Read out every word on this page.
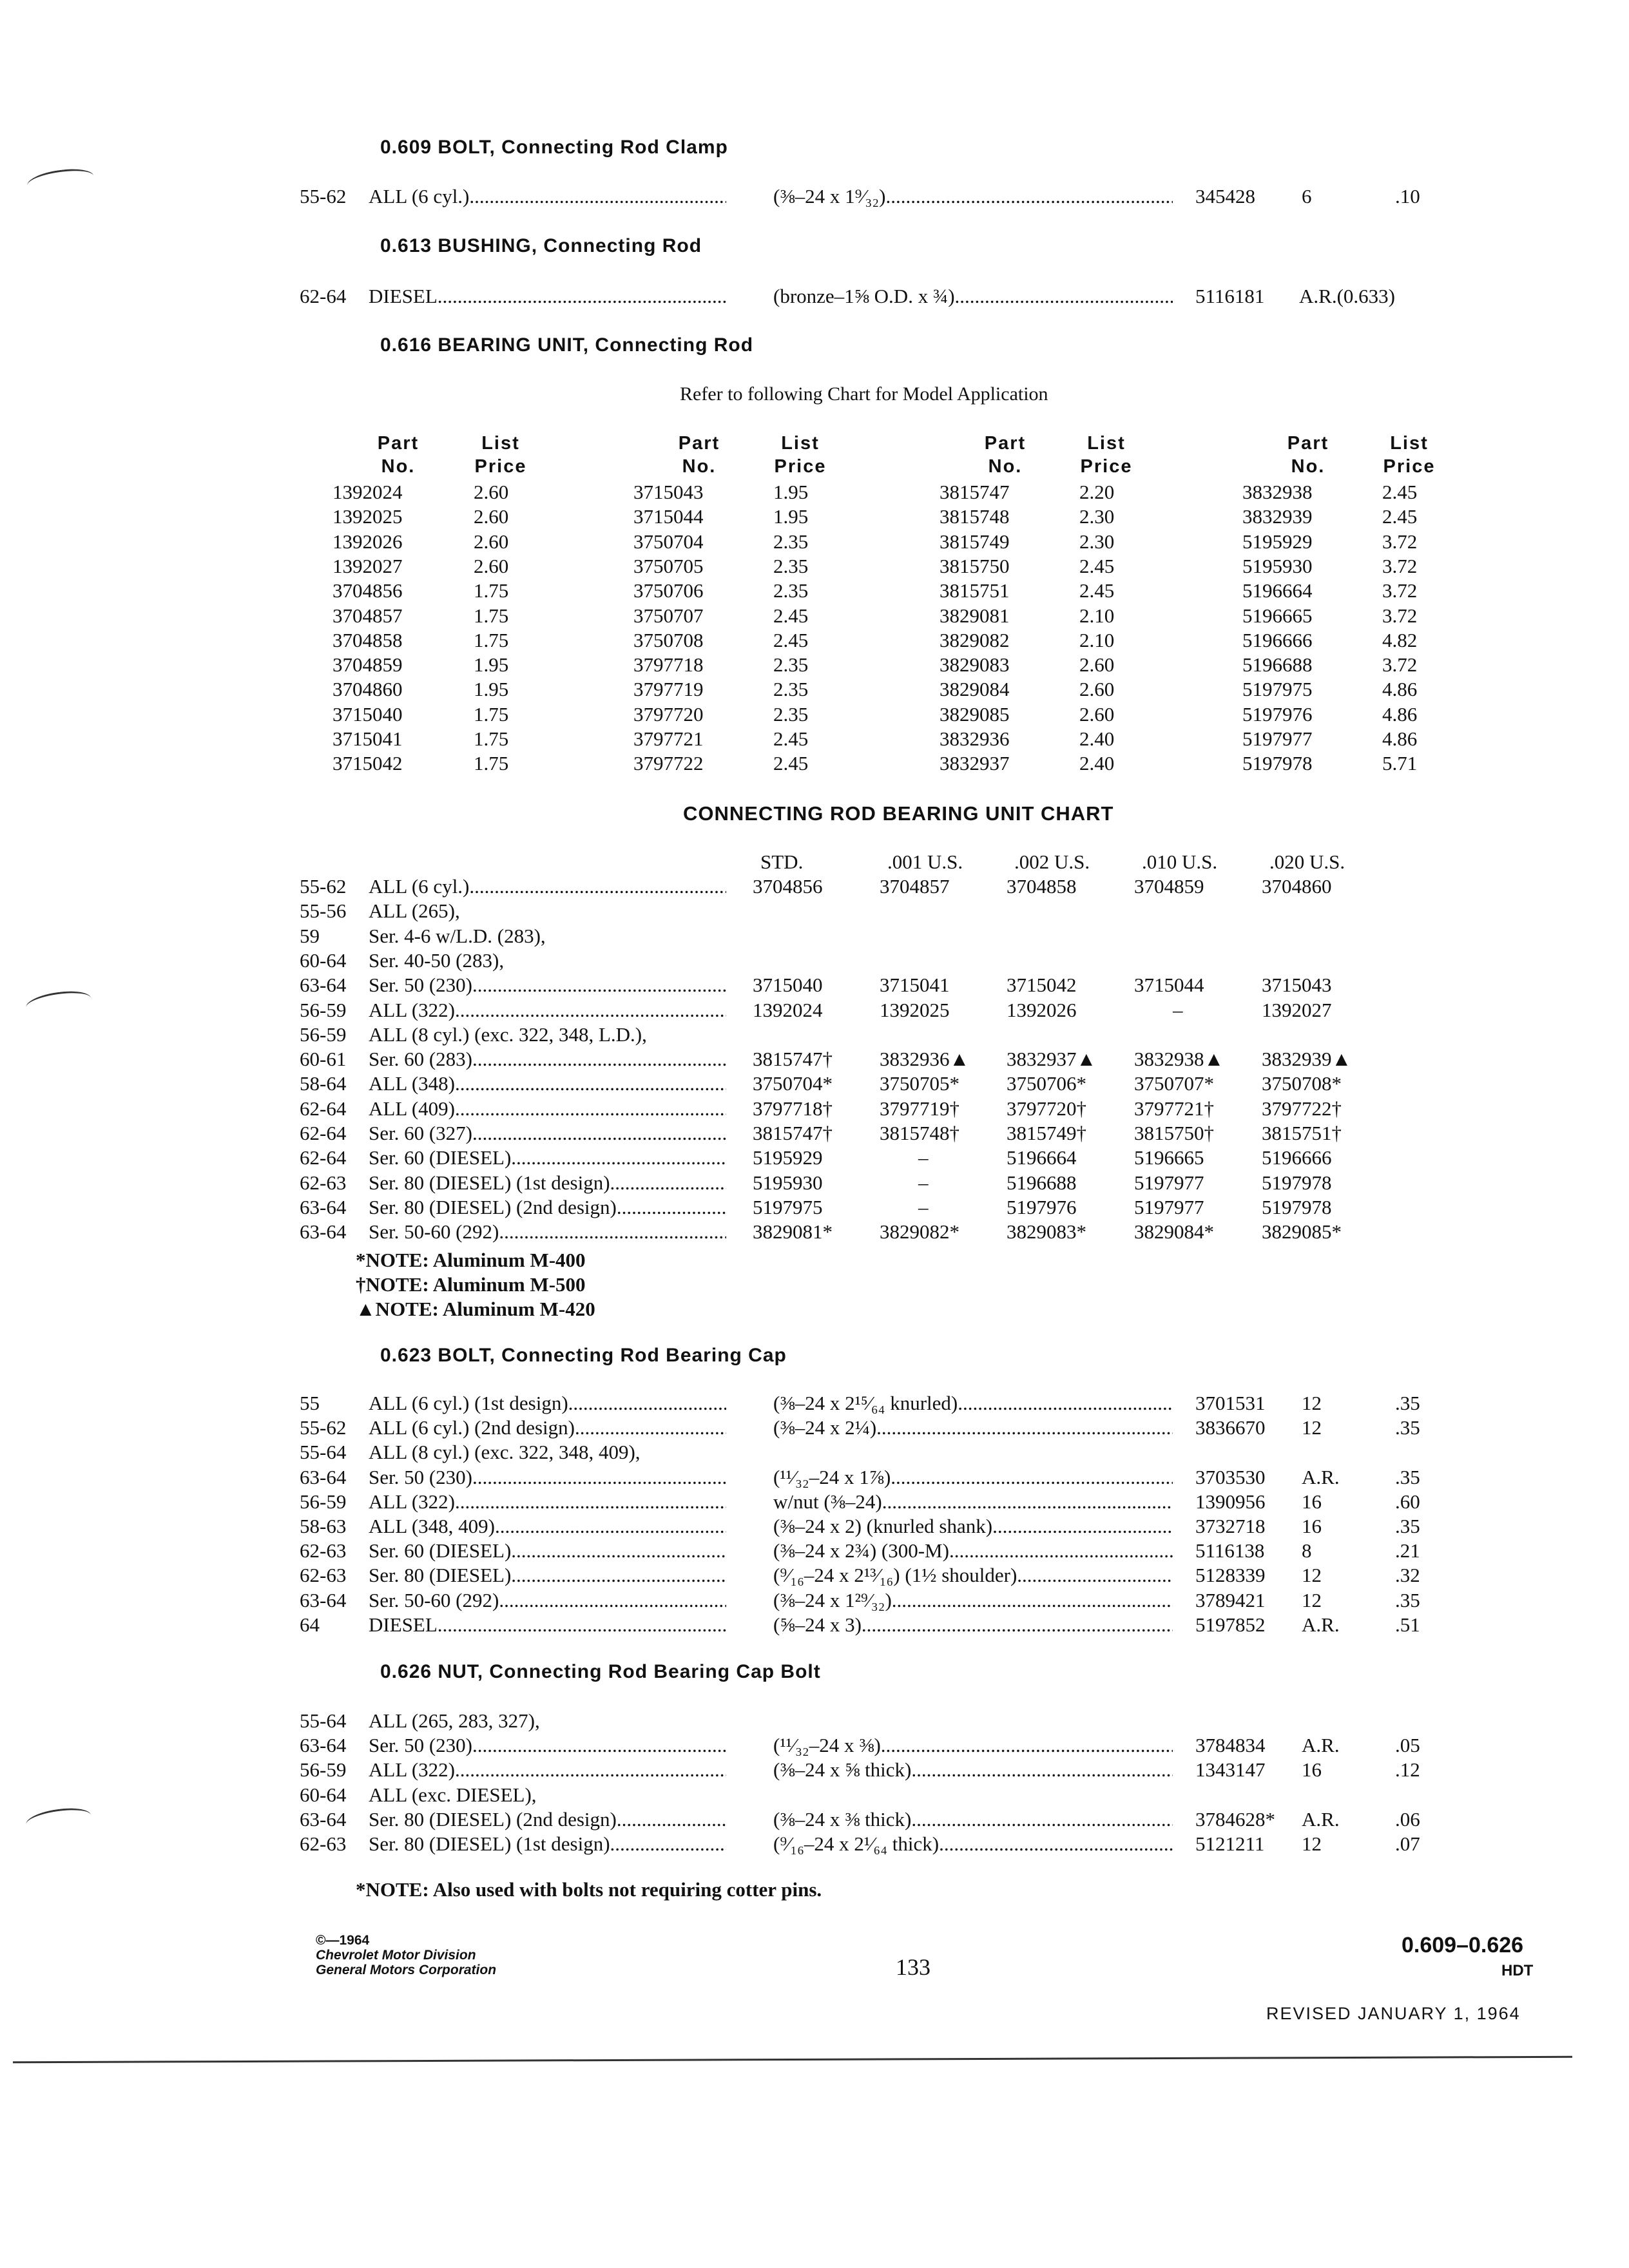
0.609 BOLT, Connecting Rod Clamp
55-62 ALL (6 cyl.) .....	(⅜–24 x 1⁹⁄₃₂) .....	345428 6	.10
0.613 BUSHING, Connecting Rod
62-64 DIESEL .....	(bronze–1⅝ O.D. x ¾) .....	5116181 A.R.(0.633)
0.616 BEARING UNIT, Connecting Rod
Refer to following Chart for Model Application
Part
No.
List
Price
1392024	2.60
1392025	2.60
1392026	2.60
1392027	2.60
3704856	1.75
3704857	1.75
3704858	1.75
3704859	1.95
3704860	1.95
3715040	1.75
3715041	1.75
3715042	1.75
Part
No.
List
Price
3715043	1.95
3715044	1.95
3750704	2.35
3750705	2.35
3750706	2.35
3750707	2.45
3750708	2.45
3797718	2.35
3797719	2.35
3797720	2.35
3797721	2.45
3797722	2.45
Part
No.
List
Price
3815747	2.20
3815748	2.30
3815749	2.30
3815750	2.45
3815751	2.45
3829081	2.10
3829082	2.10
3829083	2.60
3829084	2.60
3829085	2.60
3832936	2.40
3832937	2.40
Part
No.
List
Price
3832938	2.45
3832939	2.45
5195929	3.72
5195930	3.72
5196664	3.72
5196665	3.72
5196666	4.82
5196688	3.72
5197975	4.86
5197976	4.86
5197977	4.86
5197978	5.71
CONNECTING ROD BEARING UNIT CHART
STD.	.001 U.S.	.002 U.S.	.010 U.S.	.020 U.S.
55-62 ALL (6 cyl.) .....	3704856	3704857	3704858	3704859	3704860
55-56 ALL (265),
59 Ser. 4-6 w/L.D. (283),
60-64 Ser. 40-50 (283),
63-64 Ser. 50 (230) .....	3715040	3715041	3715042	3715044	3715043
56-59 ALL (322) .....	1392024	1392025	1392026	–	1392027
56-59 ALL (8 cyl.) (exc. 322, 348, L.D.),
60-61 Ser. 60 (283) .....	3815747† 3832936▲ 3832937▲ 3832938▲ 3832939▲
58-64 ALL (348) .....	3750704* 3750705* 3750706* 3750707* 3750708*
62-64 ALL (409) .....	3797718† 3797719† 3797720† 3797721† 3797722†
62-64 Ser. 60 (327) .....	3815747† 3815748† 3815749† 3815750† 3815751†
62-64 Ser. 60 (DIESEL) .....	5195929	–	5196664	5196665	5196666
62-63 Ser. 80 (DIESEL) (1st design) .....	5195930	–	5196688	5197977	5197978
63-64 Ser. 80 (DIESEL) (2nd design) .....	5197975	–	5197976	5197977	5197978
63-64 Ser. 50-60 (292) .....	3829081* 3829082* 3829083* 3829084* 3829085*
*NOTE: Aluminum M-400
†NOTE: Aluminum M-500
▲NOTE: Aluminum M-420
0.623 BOLT, Connecting Rod Bearing Cap
55 ALL (6 cyl.) (1st design) .....	(⅜–24 x 2¹⁵⁄₆₄ knurled) .....	3701531 12	.35
55-62 ALL (6 cyl.) (2nd design) .....	(⅜–24 x 2¼) .....	3836670 12	.35
55-64 ALL (8 cyl.) (exc. 322, 348, 409),
63-64 Ser. 50 (230) .....	(¹¹⁄₃₂–24 x 1⅞) .....	3703530 A.R.	.35
56-59 ALL (322) .....	w/nut (⅜–24) .....	1390956 16	.60
58-63 ALL (348, 409) .....	(⅜–24 x 2) (knurled shank) .....	3732718 16	.35
62-63 Ser. 60 (DIESEL) .....	(⅜–24 x 2¾) (300-M) .....	5116138 8	.21
62-63 Ser. 80 (DIESEL) .....	(⁹⁄₁₆–24 x 2¹³⁄₁₆) (1½ shoulder) .....	5128339 12	.32
63-64 Ser. 50-60 (292) .....	(⅜–24 x 1²⁹⁄₃₂) .....	3789421 12	.35
64 DIESEL .....	(⅝–24 x 3) .....	5197852 A.R.	.51
0.626 NUT, Connecting Rod Bearing Cap Bolt
55-64 ALL (265, 283, 327),
63-64 Ser. 50 (230) .....	(¹¹⁄₃₂–24 x ⅜) .....	3784834 A.R.	.05
56-59 ALL (322) .....	(⅜–24 x ⅝ thick) .....	1343147 16	.12
60-64 ALL (exc. DIESEL),
63-64 Ser. 80 (DIESEL) (2nd design) .....	(⅜–24 x ⅜ thick) .....	3784628* A.R.	.06
62-63 Ser. 80 (DIESEL) (1st design) .....	(⁹⁄₁₆–24 x 2¹⁄₆₄ thick) .....	5121211 12	.07
*NOTE: Also used with bolts not requiring cotter pins.
©—1964
Chevrolet Motor Division
General Motors Corporation	133
0.609–0.626
HDT
REVISED JANUARY 1, 1964
